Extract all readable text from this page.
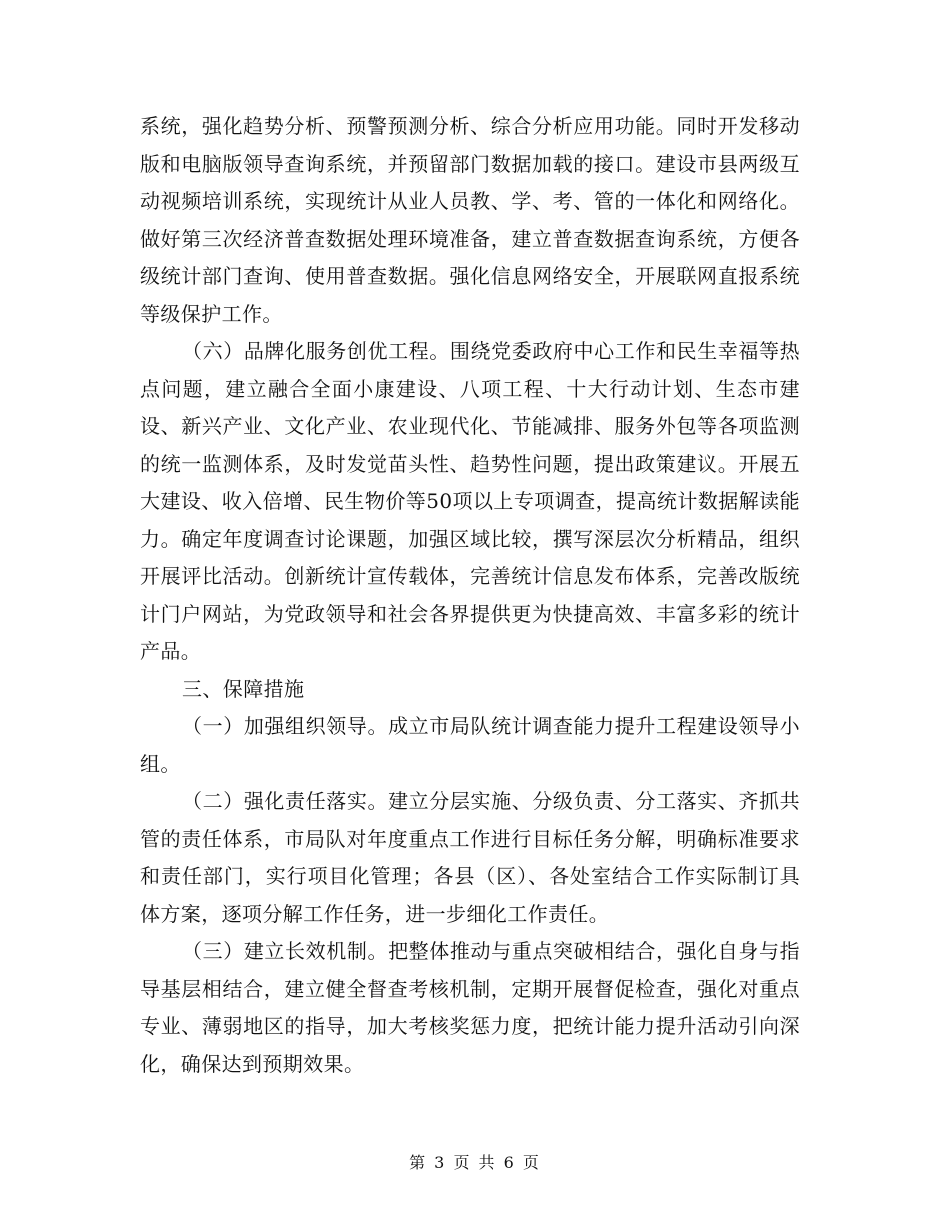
系统，强化趋势分析、预警预测分析、综合分析应用功能。同时开发移动版和电脑版领导查询系统，并预留部门数据加载的接口。建设市县两级互动视频培训系统，实现统计从业人员教、学、考、管的一体化和网络化。做好第三次经济普查数据处理环境准备，建立普查数据查询系统，方便各级统计部门查询、使用普查数据。强化信息网络安全，开展联网直报系统等级保护工作。

（六）品牌化服务创优工程。围绕党委政府中心工作和民生幸福等热点问题，建立融合全面小康建设、八项工程、十大行动计划、生态市建设、新兴产业、文化产业、农业现代化、节能减排、服务外包等各项监测的统一监测体系，及时发觉苗头性、趋势性问题，提出政策建议。开展五大建设、收入倍增、民生物价等50项以上专项调查，提高统计数据解读能力。确定年度调查讨论课题，加强区域比较，撰写深层次分析精品，组织开展评比活动。创新统计宣传载体，完善统计信息发布体系，完善改版统计门户网站，为党政领导和社会各界提供更为快捷高效、丰富多彩的统计产品。

三、保障措施

（一）加强组织领导。成立市局队统计调查能力提升工程建设领导小组。

（二）强化责任落实。建立分层实施、分级负责、分工落实、齐抓共管的责任体系，市局队对年度重点工作进行目标任务分解，明确标准要求和责任部门，实行项目化管理；各县（区）、各处室结合工作实际制订具体方案，逐项分解工作任务，进一步细化工作责任。

（三）建立长效机制。把整体推动与重点突破相结合，强化自身与指导基层相结合，建立健全督查考核机制，定期开展督促检查，强化对重点专业、薄弱地区的指导，加大考核奖惩力度，把统计能力提升活动引向深化，确保达到预期效果。

第 3 页 共 6 页
